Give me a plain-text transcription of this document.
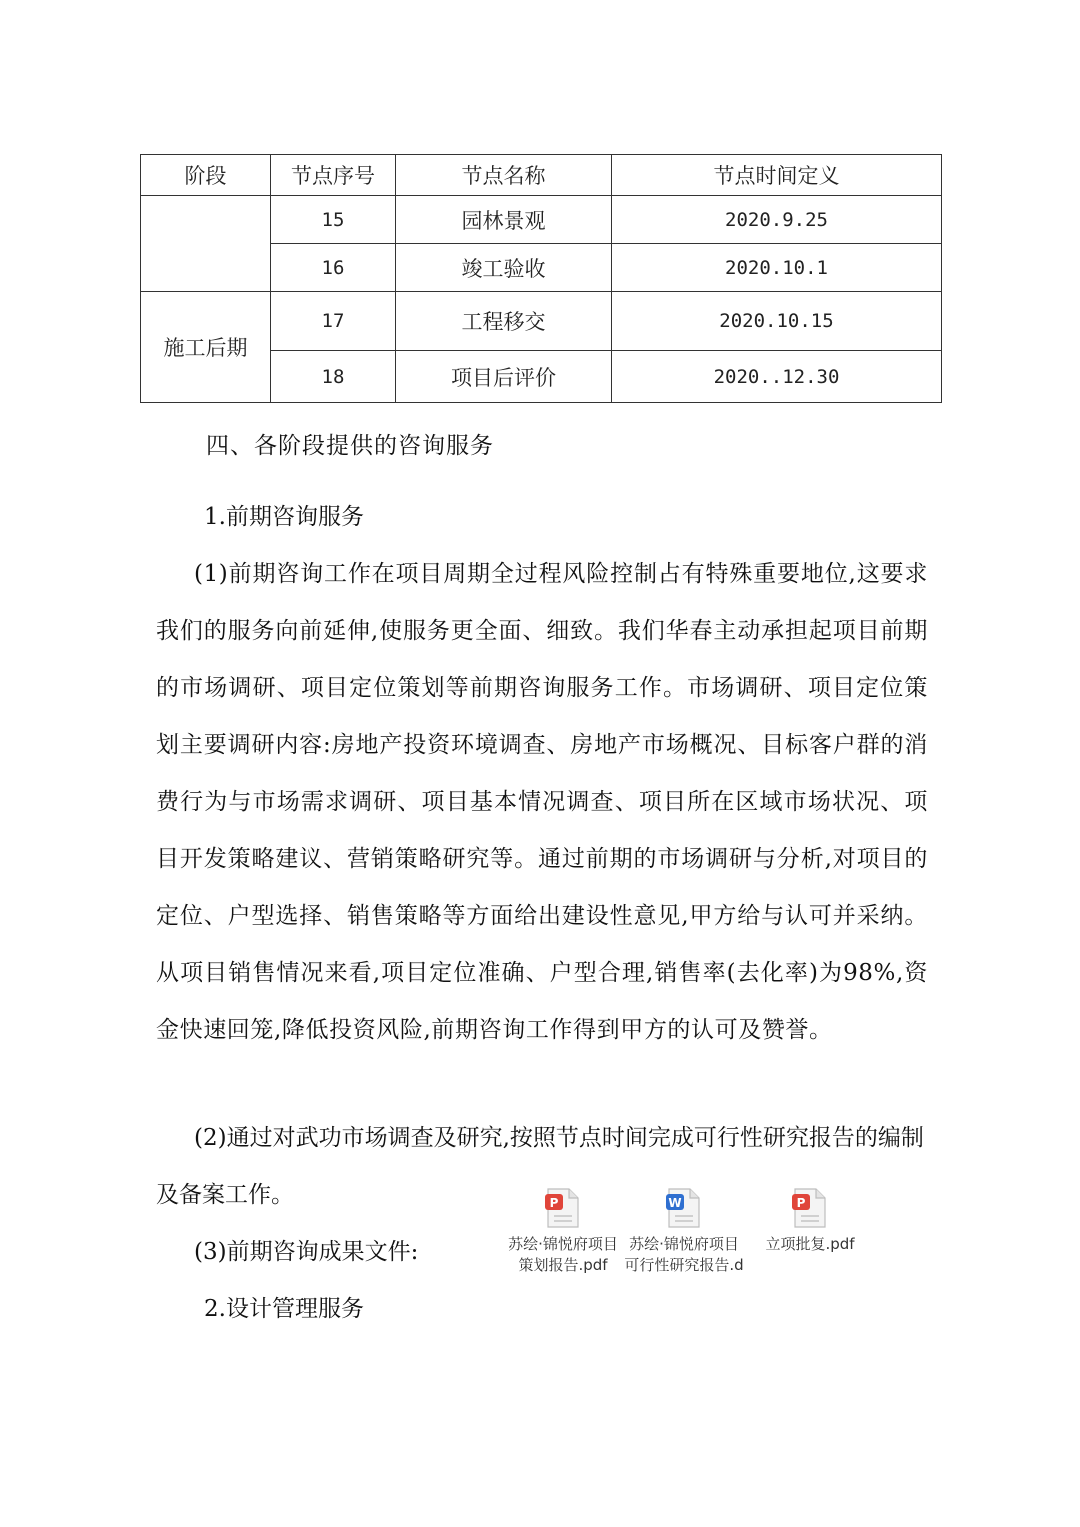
阶段	节点序号	节点名称	节点时间定义
	15	园林景观	2020.9.25
	16	竣工验收	2020.10.1
施工后期	17	工程移交	2020.10.15
	18	项目后评价	2020..12.30
四、各阶段提供的咨询服务
1.前期咨询服务

(1)前期咨询工作在项目周期全过程风险控制占有特殊重要地位,这要求我们的服务向前延伸,使服务更全面、细致。我们华春主动承担起项目前期的市场调研、项目定位策划等前期咨询服务工作。市场调研、项目定位策划主要调研内容:房地产投资环境调查、房地产市场概况、目标客户群的消费行为与市场需求调研、项目基本情况调查、项目所在区域市场状况、项目开发策略建议、营销策略研究等。通过前期的市场调研与分析,对项目的定位、户型选择、销售策略等方面给出建设性意见,甲方给与认可并采纳。从项目销售情况来看,项目定位准确、户型合理,销售率(去化率)为98%,资金快速回笼,降低投资风险,前期咨询工作得到甲方的认可及赞誉。

(2)通过对武功市场调查及研究,按照节点时间完成可行性研究报告的编制及备案工作。

(3)前期咨询成果文件:
P
苏绘·锦悦府项目
策划报告.pdf
W
苏绘·锦悦府项目
可行性研究报告.d
P
立项批复.pdf
2.设计管理服务
